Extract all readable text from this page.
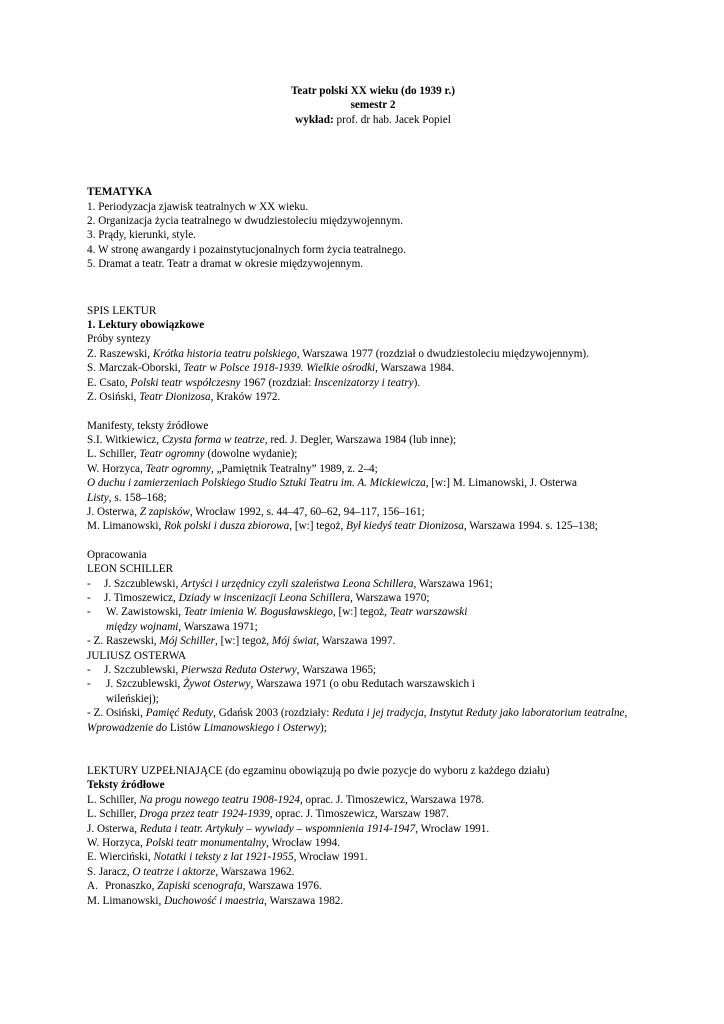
Teatr polski XX wieku (do 1939 r.)
semestr 2
wykład: prof. dr hab. Jacek Popiel
TEMATYKA
1. Periodyzacja zjawisk teatralnych w XX wieku.
2. Organizacja życia teatralnego w dwudziestoleciu międzywojennym.
3. Prądy, kierunki, style.
4. W stronę awangardy i pozainstytucjonalnych form życia teatralnego.
5. Dramat a teatr. Teatr a dramat w okresie międzywojennym.
SPIS LEKTUR
1. Lektury obowiązkowe
Próby syntezy
Z. Raszewski, Krótka historia teatru polskiego, Warszawa 1977 (rozdział o dwudziestoleciu międzywojennym).
S. Marczak-Oborski, Teatr w Polsce 1918-1939. Wielkie ośrodki, Warszawa 1984.
E. Csato, Polski teatr współczesny 1967 (rozdział: Inscenizatorzy i teatry).
Z. Osiński, Teatr Dionizosa, Kraków 1972.
Manifesty, teksty źródłowe
S.I. Witkiewicz, Czysta forma w teatrze, red. J. Degler, Warszawa 1984 (lub inne);
L. Schiller, Teatr ogromny (dowolne wydanie);
W. Horzyca, Teatr ogromny, „Pamiętnik Teatralny” 1989, z. 2–4;
O duchu i zamierzeniach Polskiego Studio Sztuki Teatru im. A. Mickiewicza, [w:] M. Limanowski, J. Osterwa
Listy, s. 158–168;
J. Osterwa, Z zapisków, Wrocław 1992, s. 44–47, 60–62, 94–117, 156–161;
M. Limanowski, Rok polski i dusza zbiorowa, [w:] tegoż, Był kiedyś teatr Dionizosa, Warszawa 1994. s. 125–138;
Opracowania
LEON SCHILLER
- J. Szczublewski, Artyści i urzędnicy czyli szaleństwa Leona Schillera, Warszawa 1961;
- J. Timoszewicz, Dziady w inscenizacji Leona Schillera, Warszawa 1970;
- W. Zawistowski, Teatr imienia W. Bogusławskiego, [w:] tegoż, Teatr warszawski
między wojnami, Warszawa 1971;
- Z. Raszewski, Mój Schiller, [w:] tegoż, Mój świat, Warszawa 1997.
JULIUSZ OSTERWA
- J. Szczublewski, Pierwsza Reduta Osterwy, Warszawa 1965;
- J. Szczublewski, Żywot Osterwy, Warszawa 1971 (o obu Redutach warszawskich i
wileńskiej);
- Z. Osiński, Pamięć Reduty, Gdańsk 2003 (rozdziały: Reduta i jej tradycja, Instytut Reduty jako laboratorium teatralne, Wprowadzenie do Listów Limanowskiego i Osterwy);
LEKTURY UZPEŁNIAJĄCE (do egzaminu obowiązują po dwie pozycje do wyboru z każdego działu)
Teksty źródłowe
L. Schiller, Na progu nowego teatru 1908-1924, oprac. J. Timoszewicz, Warszawa 1978.
L. Schiller, Droga przez teatr 1924-1939, oprac. J. Timoszewicz, Warszaw 1987.
J. Osterwa, Reduta i teatr. Artykuły – wywiady – wspomnienia 1914-1947, Wrocław 1991.
W. Horzyca, Polski teatr monumentalny, Wrocław 1994.
E. Wierciński, Notatki i teksty z lat 1921-1955, Wrocław 1991.
S. Jaracz, O teatrze i aktorze, Warszawa 1962.
A. Pronaszko, Zapiski scenografa, Warszawa 1976.
M. Limanowski, Duchowość i maestria, Warszawa 1982.
